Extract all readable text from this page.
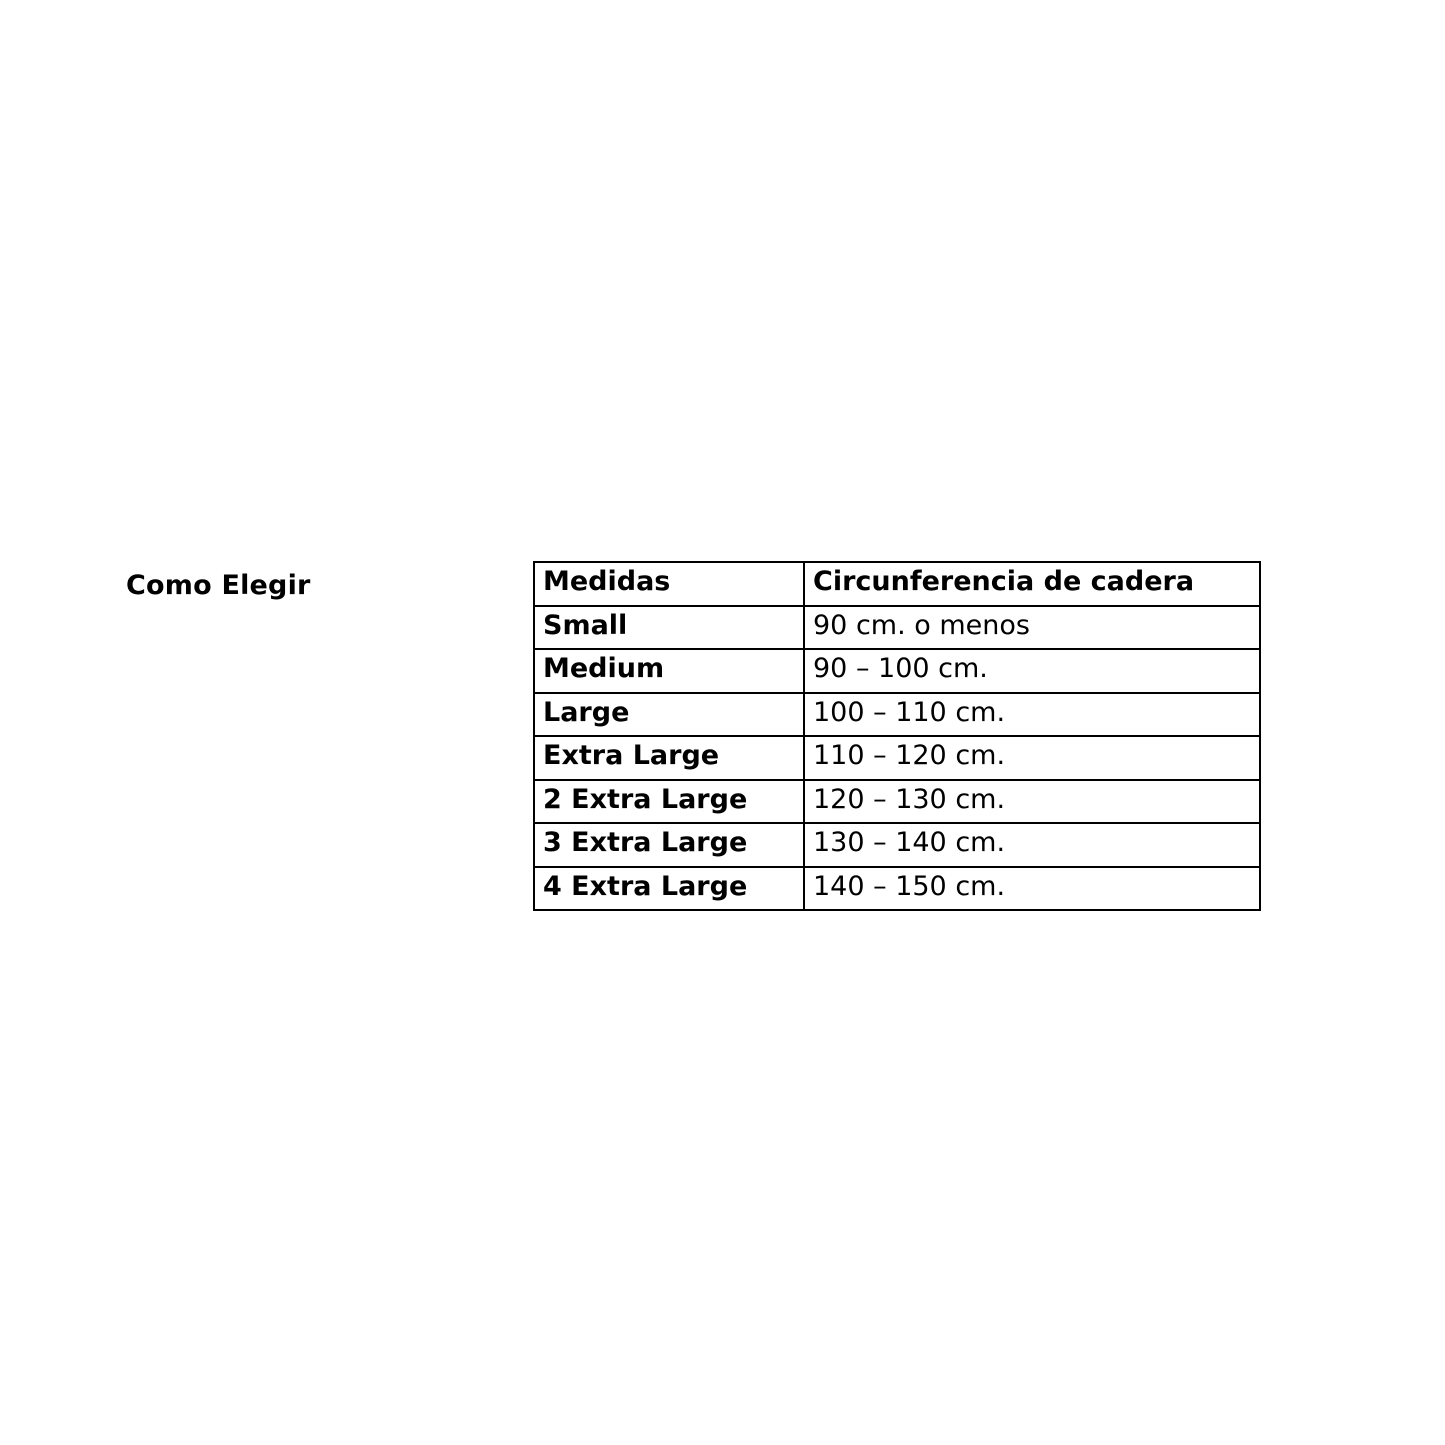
Como Elegir	Medidas	Circunferencia de cadera
Small	90 cm. o menos
Medium	90 – 100 cm.
Large	100 – 110 cm.
Extra Large	110 – 120 cm.
2 Extra Large	120 – 130 cm.
3 Extra Large	130 – 140 cm.
4 Extra Large	140 – 150 cm.
